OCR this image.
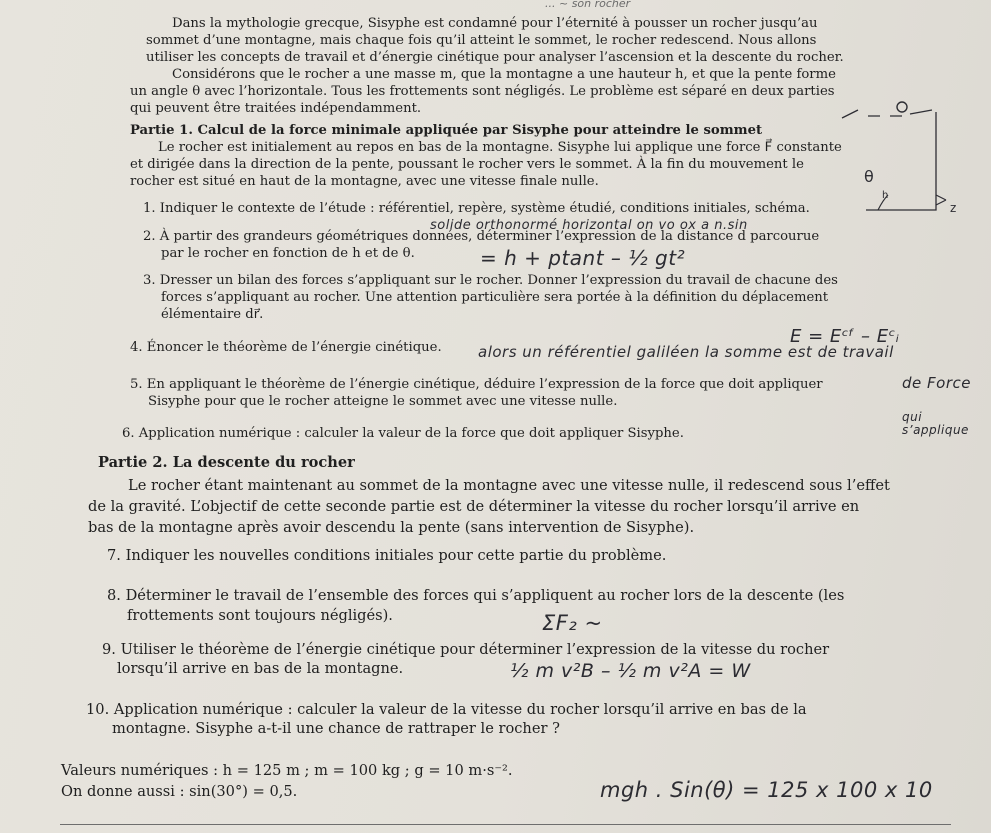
... ~ son rocher
Dans la mythologie grecque, Sisyphe est condamné pour l’éternité à pousser un rocher jusqu’au
sommet d’une montagne, mais chaque fois qu’il atteint le sommet, le rocher redescend. Nous allons
utiliser les concepts de travail et d’énergie cinétique pour analyser l’ascension et la descente du rocher.
Considérons que le rocher a une masse m, que la montagne a une hauteur h, et que la pente forme
un angle θ avec l’horizontale. Tous les frottements sont négligés. Le problème est séparé en deux parties
qui peuvent être traitées indépendamment.
Partie 1. Calcul de la force minimale appliquée par Sisyphe pour atteindre le sommet
Le rocher est initialement au repos en bas de la montagne. Sisyphe lui applique une force F⃗ constante
et dirigée dans la direction de la pente, poussant le rocher vers le sommet. À la fin du mouvement le
rocher est situé en haut de la montagne, avec une vitesse finale nulle.
1. Indiquer le contexte de l’étude : référentiel, repère, système étudié, conditions initiales, schéma.
solide orthonormé horizontal on vo ox a n.sin
2. À partir des grandeurs géométriques données, déterminer l’expression de la distance d parcourue
par le rocher en fonction de h et de θ.	= h + ptant – ½ gt²
3. Dresser un bilan des forces s’appliquant sur le rocher. Donner l’expression du travail de chacune des
forces s’appliquant au rocher. Une attention particulière sera portée à la définition du déplacement
élémentaire dr⃗.
4. Énoncer le théorème de l’énergie cinétique. alors un référentiel galiléen la somme est de travail
E = Eᶜᶠ – Eᶜᵢ
5. En appliquant le théorème de l’énergie cinétique, déduire l’expression de la force que doit appliquer
Sisyphe pour que le rocher atteigne le sommet avec une vitesse nulle.
de Force
6. Application numérique : calculer la valeur de la force que doit appliquer Sisyphe.
qui s’applique
Partie 2. La descente du rocher
Le rocher étant maintenant au sommet de la montagne avec une vitesse nulle, il redescend sous l’effet
de la gravité. L’objectif de cette seconde partie est de déterminer la vitesse du rocher lorsqu’il arrive en
bas de la montagne après avoir descendu la pente (sans intervention de Sisyphe).
7. Indiquer les nouvelles conditions initiales pour cette partie du problème.
8. Déterminer le travail de l’ensemble des forces qui s’appliquent au rocher lors de la descente (les
frottements sont toujours négligés).	ΣF₂ ~
9. Utiliser le théorème de l’énergie cinétique pour déterminer l’expression de la vitesse du rocher
lorsqu’il arrive en bas de la montagne.	½ m v²B – ½ m v²A = W
10. Application numérique : calculer la valeur de la vitesse du rocher lorsqu’il arrive en bas de la
montagne. Sisyphe a-t-il une chance de rattraper le rocher ?
Valeurs numériques : h = 125 m ; m = 100 kg ; g = 10 m·s⁻².
On donne aussi : sin(30°) = 0,5.	mgh . Sin(θ) = 125 x 100 x 10
h
z
θ
